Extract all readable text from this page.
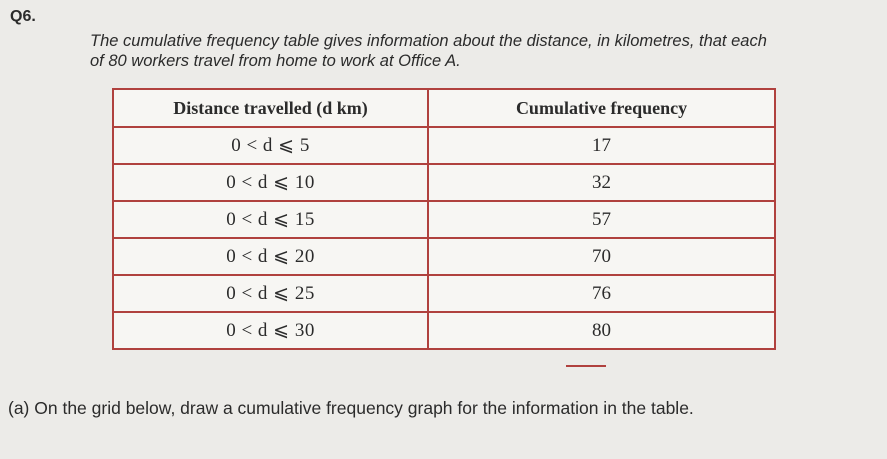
Q6.
The cumulative frequency table gives information about the distance, in kilometres, that each
of 80 workers travel from home to work at Office A.
Distance travelled (d km)	Cumulative frequency
0 < d ⩽ 5	17
0 < d ⩽ 10	32
0 < d ⩽ 15	57
0 < d ⩽ 20	70
0 < d ⩽ 25	76
0 < d ⩽ 30	80
(a) On the grid below, draw a cumulative frequency graph for the information in the table.
